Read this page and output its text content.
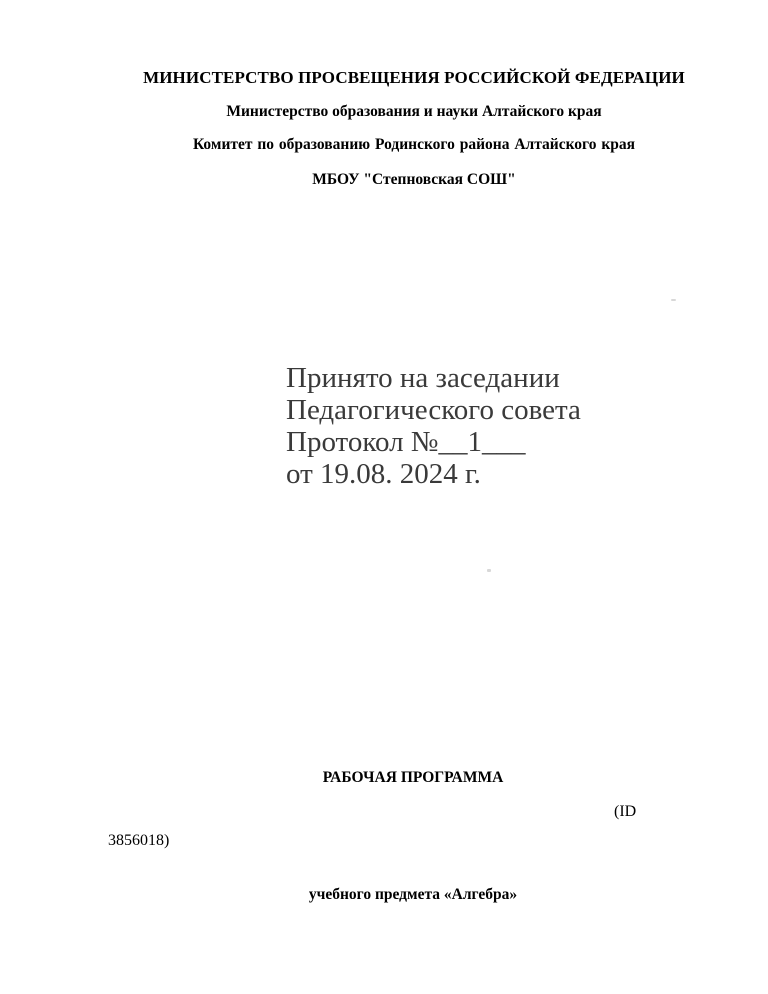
МИНИСТЕРСТВО ПРОСВЕЩЕНИЯ РОССИЙСКОЙ ФЕДЕРАЦИИ
Министерство образования и науки Алтайского края
Комитет по образованию Родинского района Алтайского края
МБОУ "Степновская СОШ"
Принято на заседании
Педагогического совета
Протокол №__1___
от 19.08. 2024 г.
РАБОЧАЯ ПРОГРАММА
(ID
3856018)
учебного предмета «Алгебра»
